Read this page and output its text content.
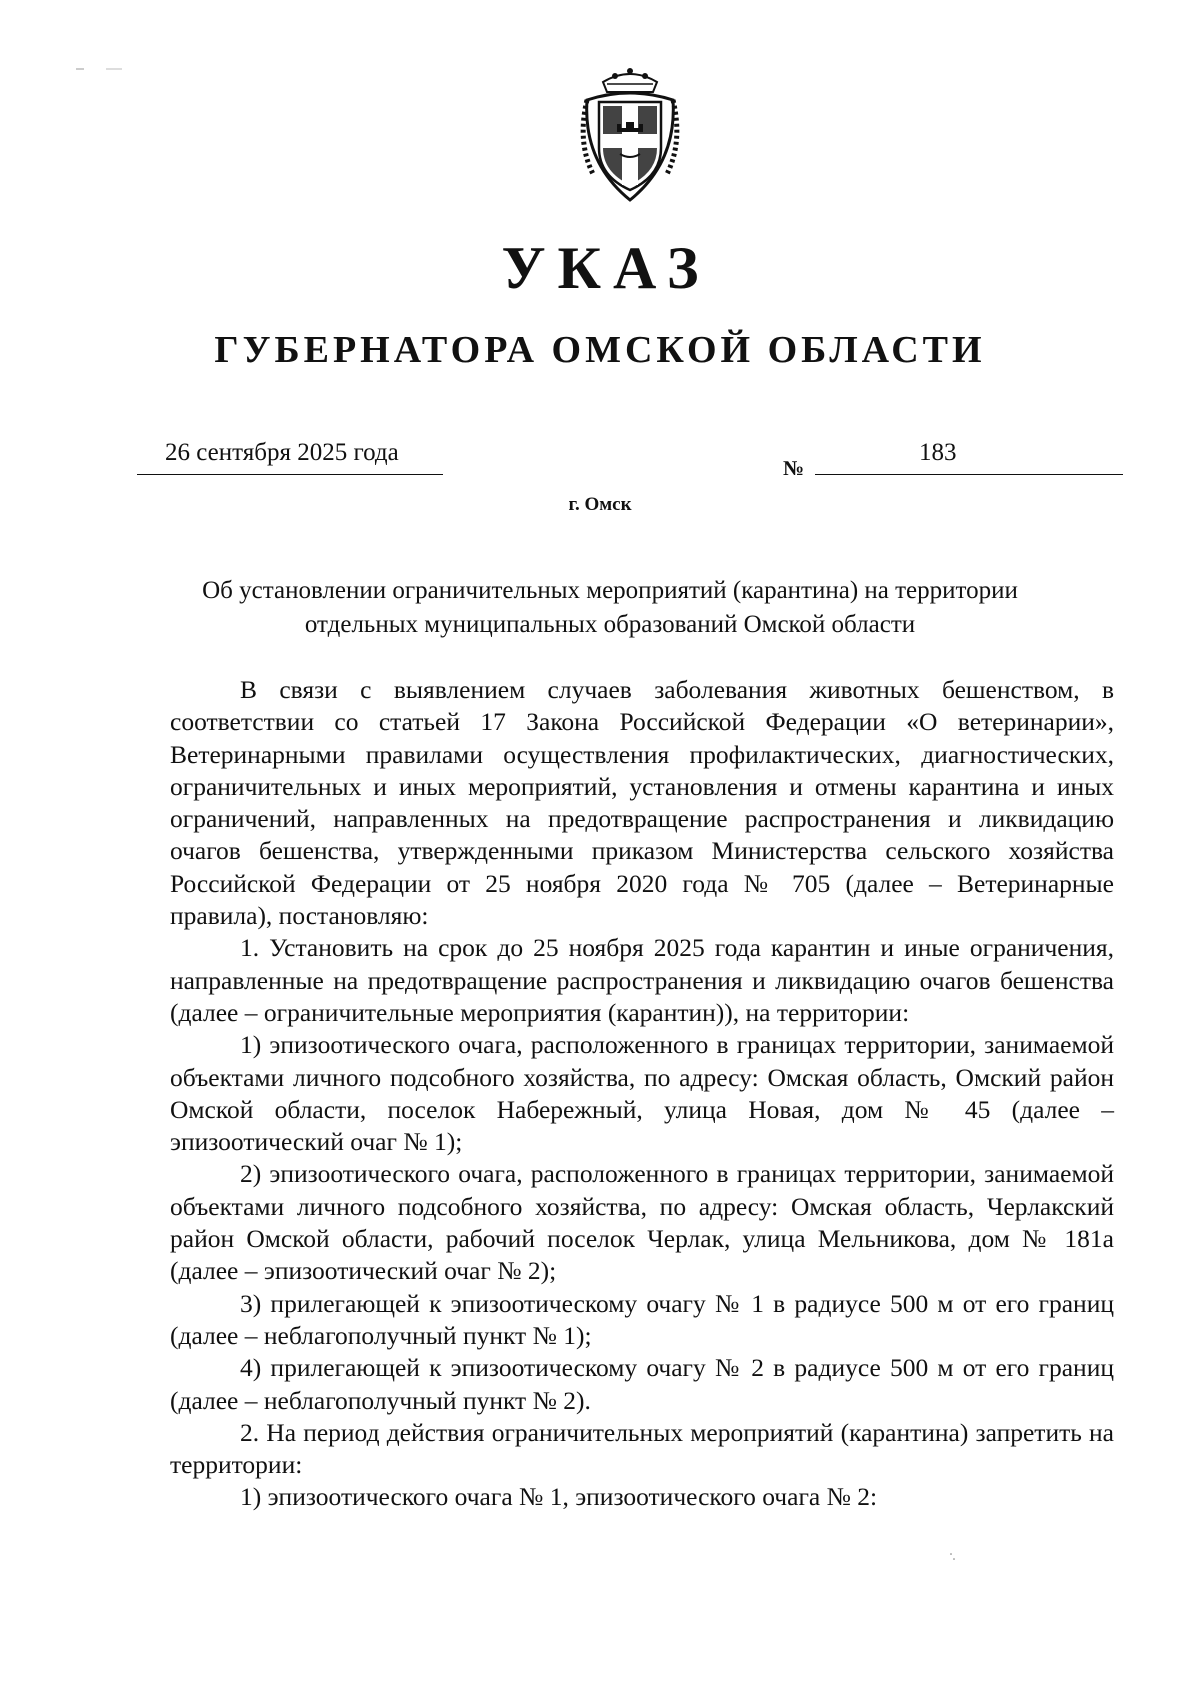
УКАЗ
ГУБЕРНАТОРА ОМСКОЙ ОБЛАСТИ
26 сентября 2025 года
№
183
г. Омск
Об установлении ограничительных мероприятий (карантина) на территории
отдельных муниципальных образований Омской области

В связи с выявлением случаев заболевания животных бешенством, в соответствии со статьей 17 Закона Российской Федерации «О ветеринарии», Ветеринарными правилами осуществления профилактических, диагностических, ограничительных и иных мероприятий, установления и отмены карантина и иных ограничений, направленных на предотвращение распространения и ликвидацию очагов бешенства, утвержденными приказом Министерства сельского хозяйства Российской Федерации от 25 ноября 2020 года № 705 (далее – Ветеринарные правила), постановляю:

1. Установить на срок до 25 ноября 2025 года карантин и иные ограничения, направленные на предотвращение распространения и ликвидацию очагов бешенства (далее – ограничительные мероприятия (карантин)), на территории:

1) эпизоотического очага, расположенного в границах территории, занимаемой объектами личного подсобного хозяйства, по адресу: Омская область, Омский район Омской области, поселок Набережный, улица Новая, дом № 45 (далее – эпизоотический очаг № 1);

2) эпизоотического очага, расположенного в границах территории, занимаемой объектами личного подсобного хозяйства, по адресу: Омская область, Черлакский район Омской области, рабочий поселок Черлак, улица Мельникова, дом № 181а (далее – эпизоотический очаг № 2);

3) прилегающей к эпизоотическому очагу № 1 в радиусе 500 м от его границ (далее – неблагополучный пункт № 1);

4) прилегающей к эпизоотическому очагу № 2 в радиусе 500 м от его границ (далее – неблагополучный пункт № 2).

2. На период действия ограничительных мероприятий (карантина) запретить на территории:

1) эпизоотического очага № 1, эпизоотического очага № 2:
